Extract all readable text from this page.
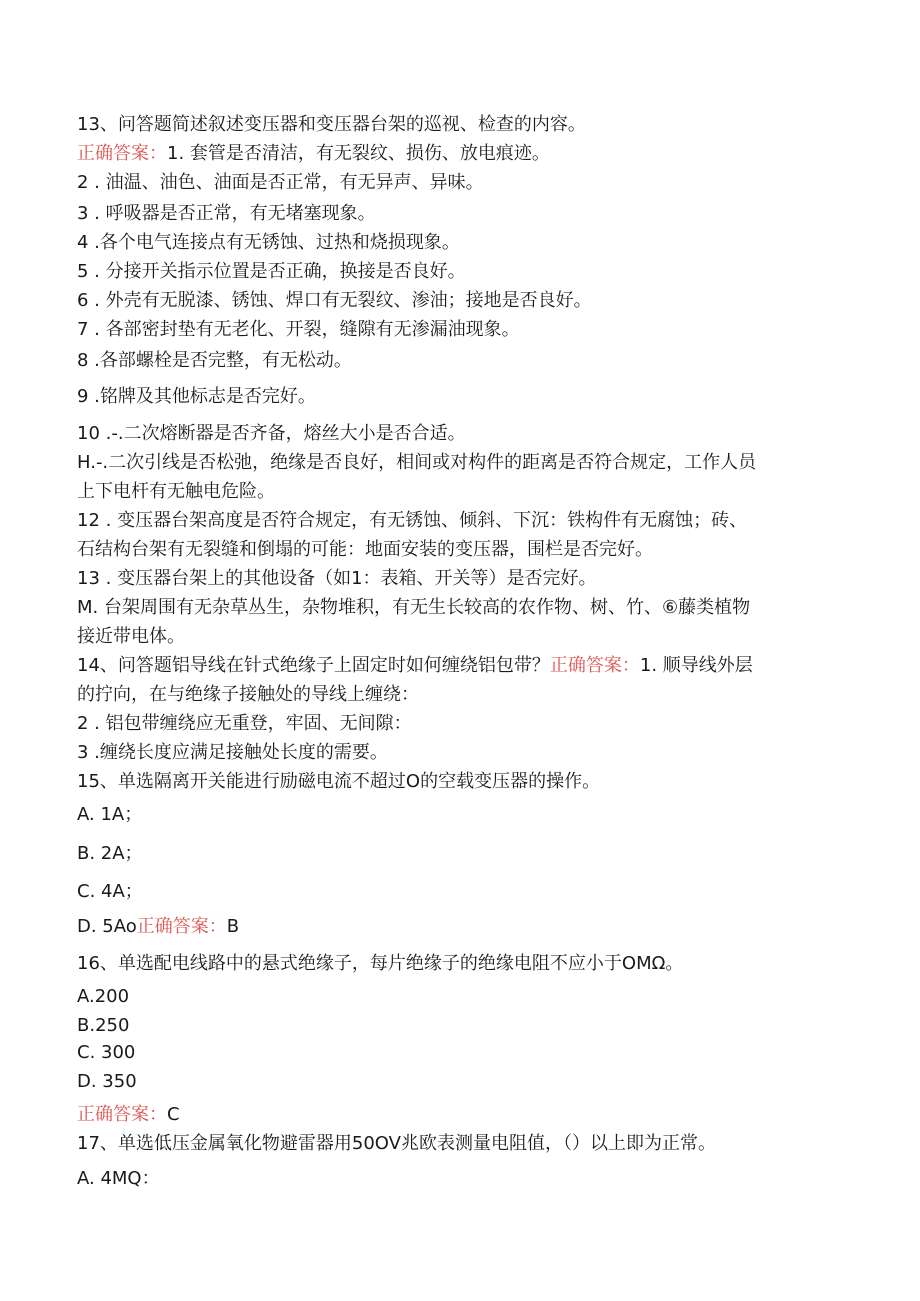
13、问答题简述叙述变压器和变压器台架的巡视、检查的内容。
正确答案：1. 套管是否清洁，有无裂纹、损伤、放电痕迹。
2 . 油温、油色、油面是否正常，有无异声、异味。
3 . 呼吸器是否正常，有无堵塞现象。
4 .各个电气连接点有无锈蚀、过热和烧损现象。
5 . 分接开关指示位置是否正确，换接是否良好。
6 . 外壳有无脱漆、锈蚀、焊口有无裂纹、渗油；接地是否良好。
7 . 各部密封垫有无老化、开裂，缝隙有无渗漏油现象。
8 .各部螺栓是否完整，有无松动。
9 .铭牌及其他标志是否完好。
10 .-.二次熔断器是否齐备，熔丝大小是否合适。
H.-.二次引线是否松弛，绝缘是否良好，相间或对构件的距离是否符合规定，工作人员
上下电杆有无触电危险。
12 . 变压器台架高度是否符合规定，有无锈蚀、倾斜、下沉：铁构件有无腐蚀；砖、
石结构台架有无裂缝和倒塌的可能：地面安装的变压器，围栏是否完好。
13 . 变压器台架上的其他设备（如1：表箱、开关等）是否完好。
M. 台架周围有无杂草丛生，杂物堆积，有无生长较高的农作物、树、竹、⑥藤类植物
接近带电体。
14、问答题铝导线在针式绝缘子上固定时如何缠绕铝包带？正确答案：1. 顺导线外层
的拧向，在与绝缘子接触处的导线上缠绕：
2 . 铝包带缠绕应无重登，牢固、无间隙：
3 .缠绕长度应满足接触处长度的需要。
15、单选隔离开关能进行励磁电流不超过O的空载变压器的操作。
A. 1A；
B. 2A；
C. 4A；
D. 5Ao正确答案：B
16、单选配电线路中的悬式绝缘子，每片绝缘子的绝缘电阻不应小于OMΩ。
A.200
B.250
C. 300
D. 350
正确答案：C
17、单选低压金属氧化物避雷器用50OV兆欧表测量电阻值，（）以上即为正常。
A. 4MQ：
